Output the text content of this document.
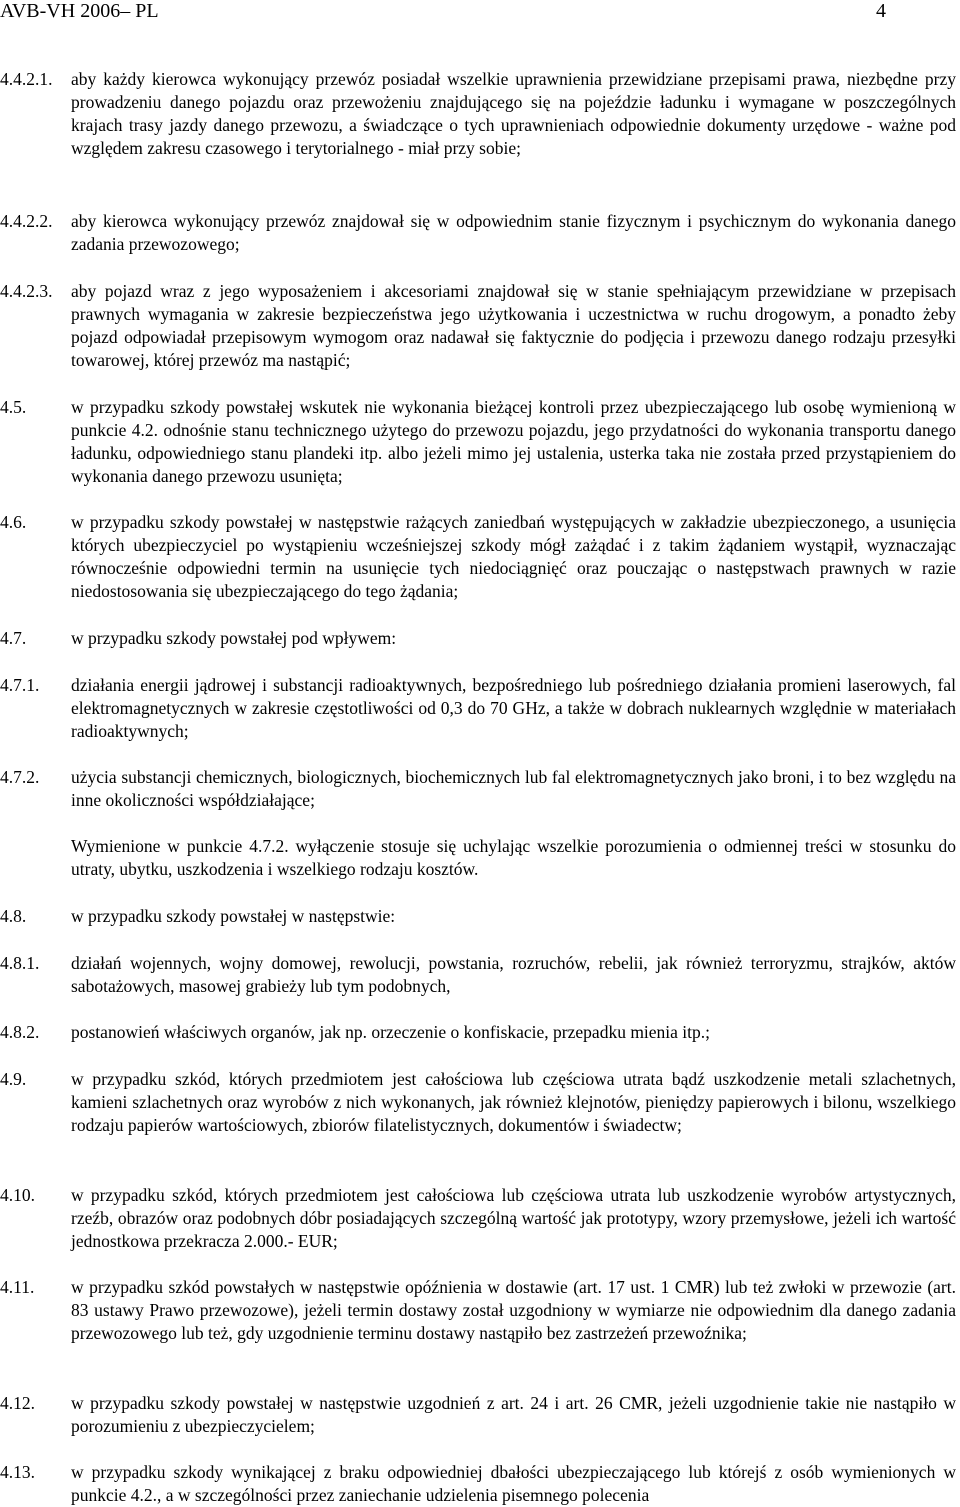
AVB-VH 2006– PL	4
4.4.2.1. aby każdy kierowca wykonujący przewóz posiadał wszelkie uprawnienia przewidziane przepisami prawa, niezbędne przy prowadzeniu danego pojazdu oraz przewożeniu znajdującego się na pojeździe ładunku i wymagane w poszczególnych krajach trasy jazdy danego przewozu, a świadczące o tych uprawnieniach odpowiednie dokumenty urzędowe - ważne pod względem zakresu czasowego i terytorialnego - miał przy sobie;
4.4.2.2. aby kierowca wykonujący przewóz znajdował się w odpowiednim stanie fizycznym i psychicznym do wykonania danego zadania przewozowego;
4.4.2.3. aby pojazd wraz z jego wyposażeniem i akcesoriami znajdował się w stanie spełniającym przewidziane w przepisach prawnych wymagania w zakresie bezpieczeństwa jego użytkowania i uczestnictwa w ruchu drogowym, a ponadto żeby pojazd odpowiadał przepisowym wymogom oraz nadawał się faktycznie do podjęcia i przewozu danego rodzaju przesyłki towarowej, której przewóz ma nastąpić;
4.5.	w przypadku szkody powstałej wskutek nie wykonania bieżącej kontroli przez ubezpieczającego lub osobę wymienioną w punkcie 4.2. odnośnie stanu technicznego użytego do przewozu pojazdu, jego przydatności do wykonania transportu danego ładunku, odpowiedniego stanu plandeki itp. albo jeżeli mimo jej ustalenia, usterka taka nie została przed przystąpieniem do wykonania danego przewozu usunięta;
4.6.	w przypadku szkody powstałej w następstwie rażących zaniedbań występujących w zakładzie ubezpieczonego, a usunięcia których ubezpieczyciel po wystąpieniu wcześniejszej szkody mógł zażądać i z takim żądaniem wystąpił, wyznaczając równocześnie odpowiedni termin na usunięcie tych niedociągnięć oraz pouczając o następstwach prawnych w razie niedostosowania się ubezpieczającego do tego żądania;
4.7.	w przypadku szkody powstałej pod wpływem:
4.7.1. działania energii jądrowej i substancji radioaktywnych, bezpośredniego lub pośredniego działania promieni laserowych, fal elektromagnetycznych w zakresie częstotliwości od 0,3 do 70 GHz, a także w dobrach nuklearnych względnie w materiałach radioaktywnych;
4.7.2. użycia substancji chemicznych, biologicznych, biochemicznych lub fal elektromagnetycznych jako broni, i to bez względu na inne okoliczności współdziałające;
Wymienione w punkcie 4.7.2. wyłączenie stosuje się uchylając wszelkie porozumienia o odmiennej treści w stosunku do utraty, ubytku, uszkodzenia i wszelkiego rodzaju kosztów.
4.8.	w przypadku szkody powstałej w następstwie:
4.8.1. działań wojennych, wojny domowej, rewolucji, powstania, rozruchów, rebelii, jak również terroryzmu, strajków, aktów sabotażowych, masowej grabieży lub tym podobnych,
4.8.2. postanowień właściwych organów, jak np. orzeczenie o konfiskacie, przepadku mienia itp.;
4.9.	w przypadku szkód, których przedmiotem jest całościowa lub częściowa utrata bądź uszkodzenie metali szlachetnych, kamieni szlachetnych oraz wyrobów z nich wykonanych, jak również klejnotów, pieniędzy papierowych i bilonu, wszelkiego rodzaju papierów wartościowych, zbiorów filatelistycznych, dokumentów i świadectw;
4.10. w przypadku szkód, których przedmiotem jest całościowa lub częściowa utrata lub uszkodzenie wyrobów artystycznych, rzeźb, obrazów oraz podobnych dóbr posiadających szczególną wartość jak prototypy, wzory przemysłowe, jeżeli ich wartość jednostkowa przekracza 2.000.- EUR;
4.11. w przypadku szkód powstałych w następstwie opóźnienia w dostawie (art. 17 ust. 1 CMR) lub też zwłoki w przewozie (art. 83 ustawy Prawo przewozowe), jeżeli termin dostawy został uzgodniony w wymiarze nie odpowiednim dla danego zadania przewozowego lub też, gdy uzgodnienie terminu dostawy nastąpiło bez zastrzeżeń przewoźnika;
4.12. w przypadku szkody powstałej w następstwie uzgodnień z art. 24 i art. 26 CMR, jeżeli uzgodnienie takie nie nastąpiło w porozumieniu z ubezpieczycielem;
4.13. w przypadku szkody wynikającej z braku odpowiedniej dbałości ubezpieczającego lub którejś z osób wymienionych w punkcie 4.2., a w szczególności przez zaniechanie udzielenia pisemnego polecenia
